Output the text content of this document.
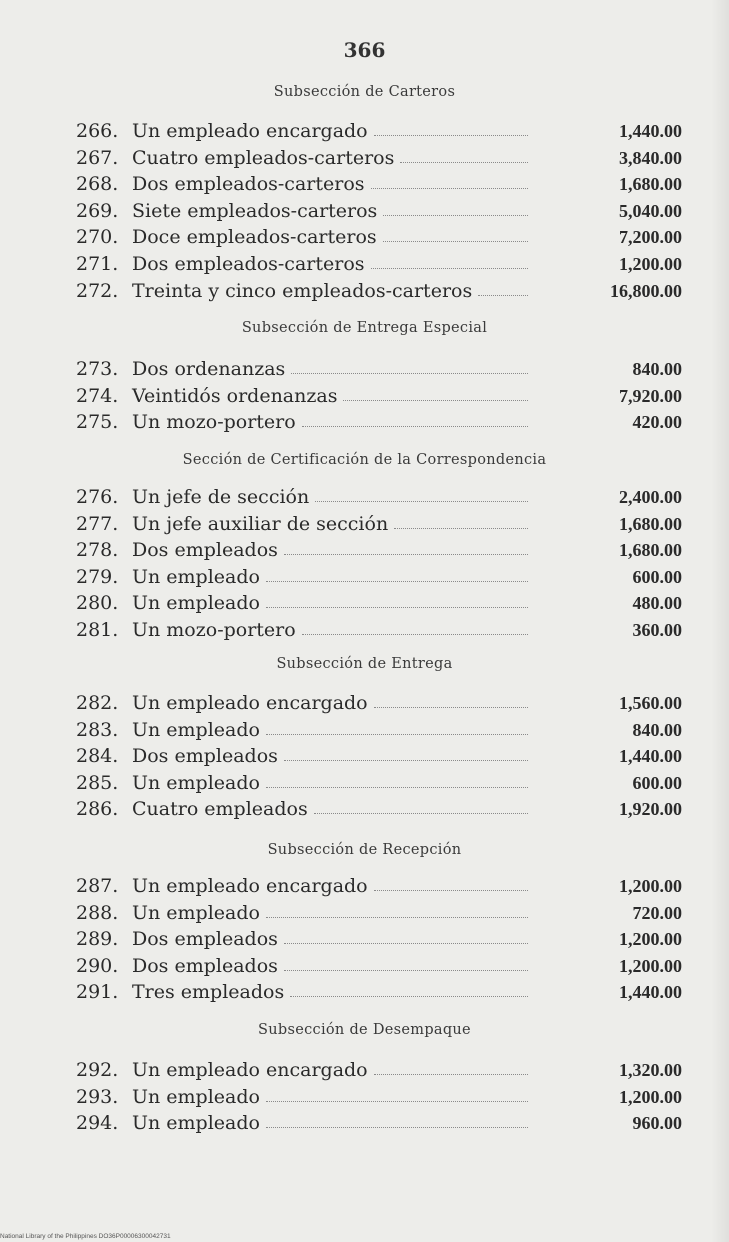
366
Subsección de Carteros
266. Un empleado encargado	1,440.00
267. Cuatro empleados-carteros	3,840.00
268. Dos empleados-carteros	1,680.00
269. Siete empleados-carteros	5,040.00
270. Doce empleados-carteros	7,200.00
271. Dos empleados-carteros	1,200.00
272. Treinta y cinco empleados-carteros	16,800.00
Subsección de Entrega Especial
273. Dos ordenanzas	840.00
274. Veintidós ordenanzas	7,920.00
275. Un mozo-portero	420.00
Sección de Certificación de la Correspondencia
276. Un jefe de sección	2,400.00
277. Un jefe auxiliar de sección	1,680.00
278. Dos empleados	1,680.00
279. Un empleado	600.00
280. Un empleado	480.00
281. Un mozo-portero	360.00
Subsección de Entrega
282. Un empleado encargado	1,560.00
283. Un empleado	840.00
284. Dos empleados	1,440.00
285. Un empleado	600.00
286. Cuatro empleados	1,920.00
Subsección de Recepción
287. Un empleado encargado	1,200.00
288. Un empleado	720.00
289. Dos empleados	1,200.00
290. Dos empleados	1,200.00
291. Tres empleados	1,440.00
Subsección de Desempaque
292. Un empleado encargado	1,320.00
293. Un empleado	1,200.00
294. Un empleado	960.00
National Library of the Philippines DO36P00006300042731
